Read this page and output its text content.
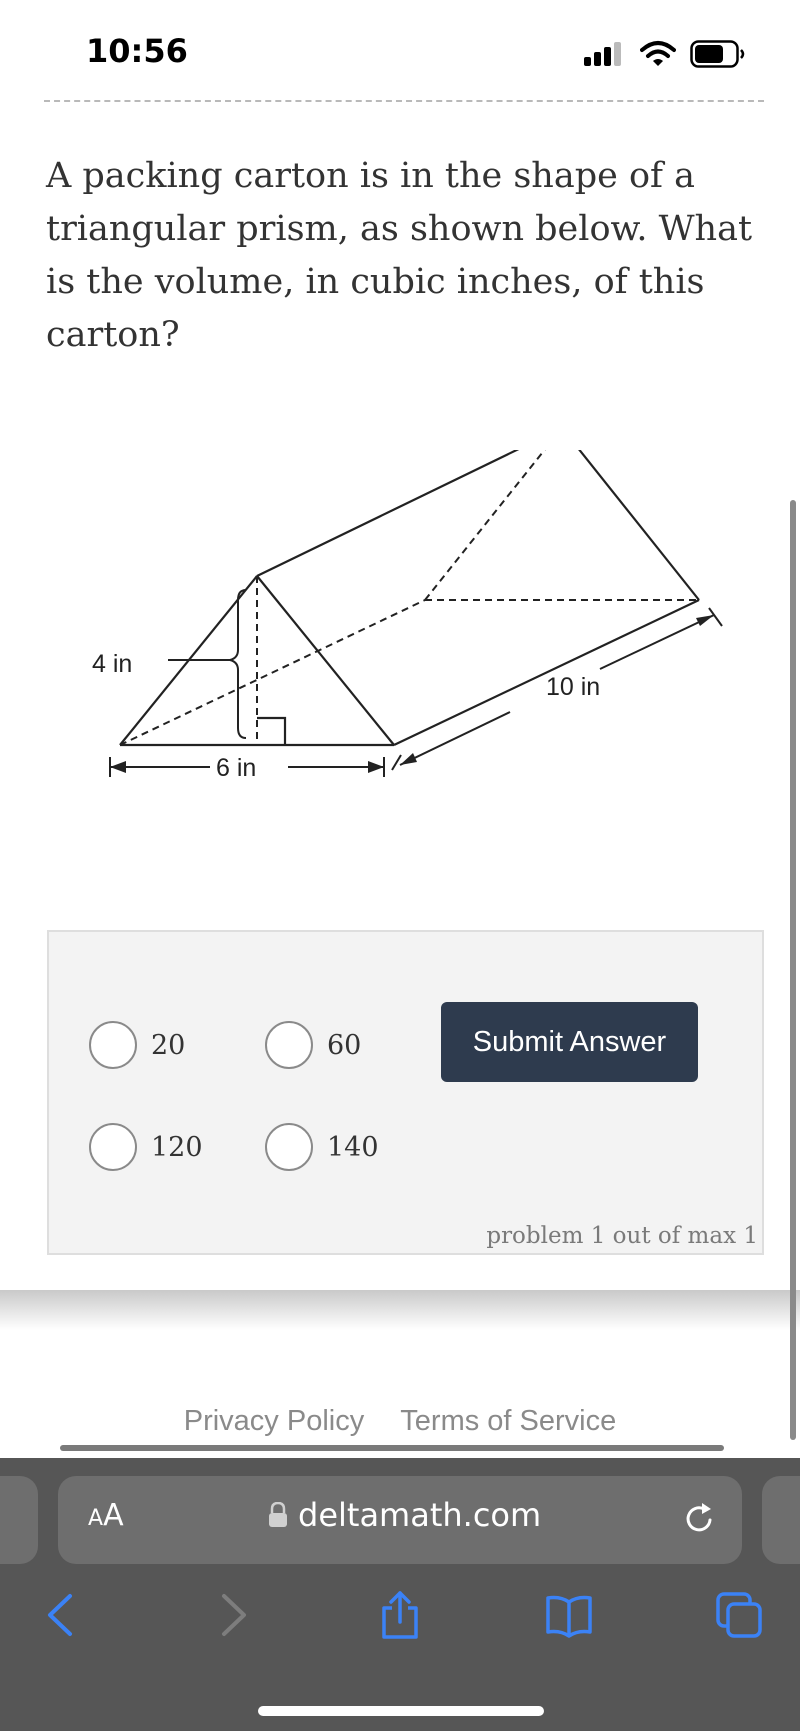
10:56
A packing carton is in the shape of a triangular prism, as shown below. What is the volume, in cubic inches, of this carton?
4 in
6 in
10 in
20	60
120	140
Submit Answer
problem 1 out of max 1
Privacy Policy Terms of Service
AA	deltamath.com
